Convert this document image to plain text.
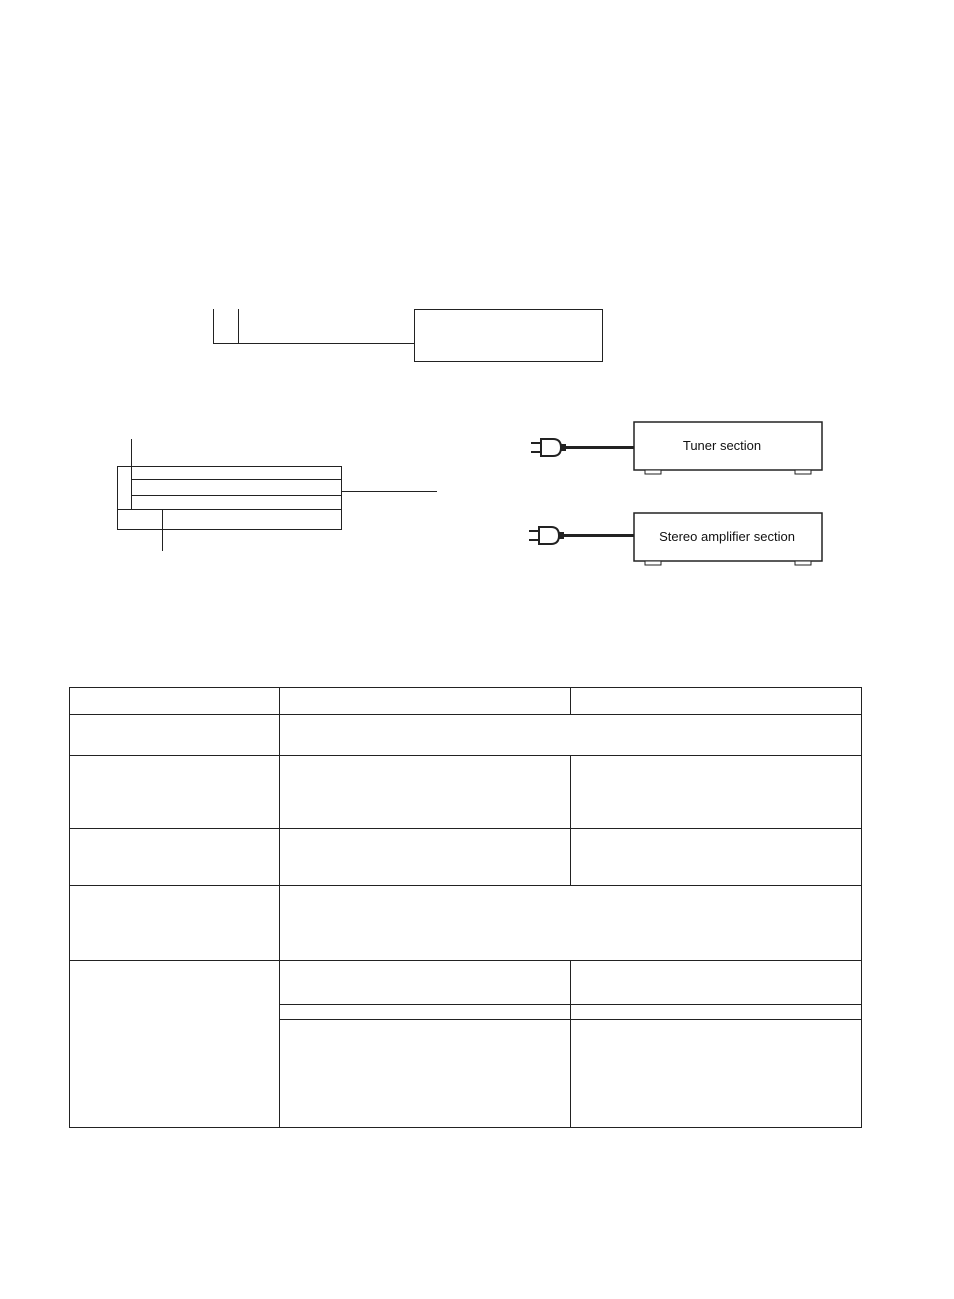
Tuner section
Stereo amplifier section
